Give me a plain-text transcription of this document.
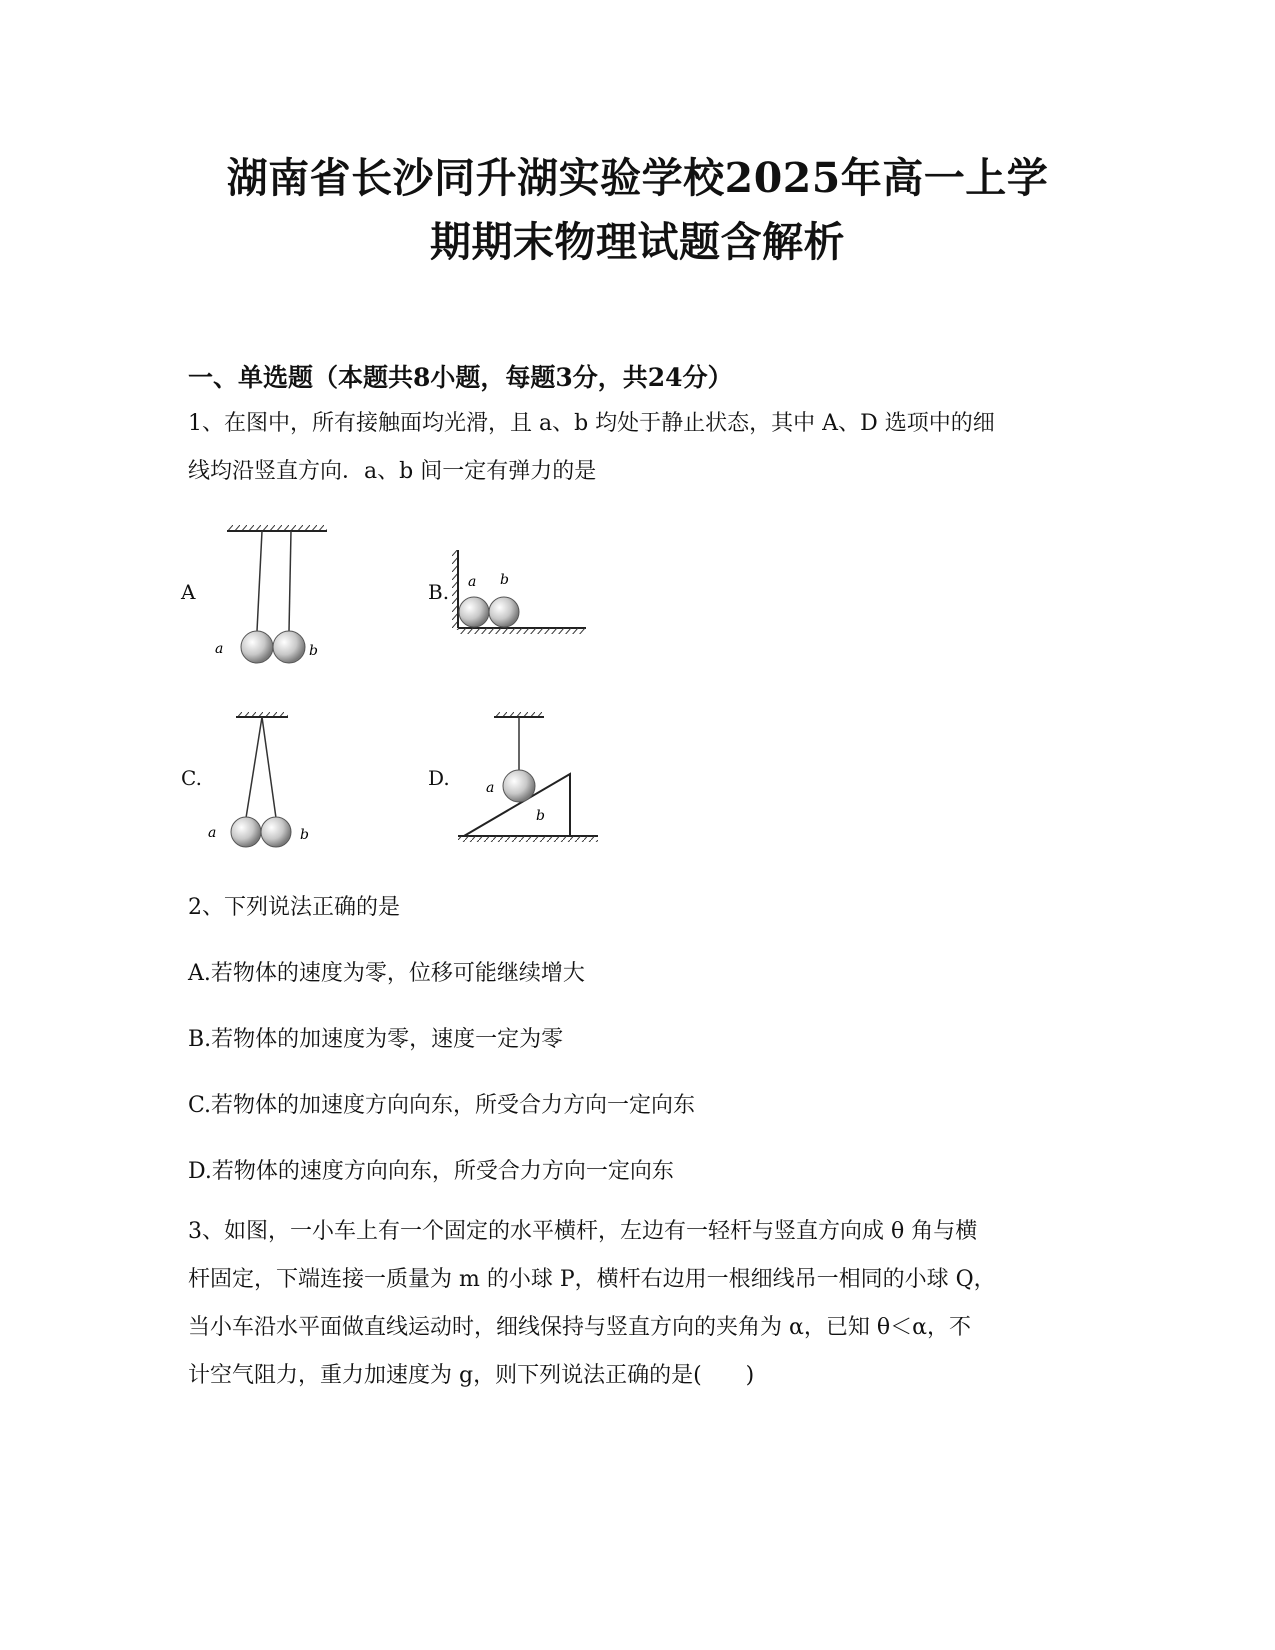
湖南省长沙同升湖实验学校2025年高一上学
期期末物理试题含解析
一、单选题（本题共8小题，每题3分，共24分）
1、在图中，所有接触面均光滑，且 a、b 均处于静止状态，其中 A、D 选项中的细
线均沿竖直方向．a、b 间一定有弹力的是
A	B.
C.	D.
a	b
a b
a	b
a
b
2、下列说法正确的是
A.若物体的速度为零，位移可能继续增大
B.若物体的加速度为零，速度一定为零
C.若物体的加速度方向向东，所受合力方向一定向东
D.若物体的速度方向向东，所受合力方向一定向东
3、如图，一小车上有一个固定的水平横杆，左边有一轻杆与竖直方向成 θ 角与横
杆固定，下端连接一质量为 m 的小球 P，横杆右边用一根细线吊一相同的小球 Q，
当小车沿水平面做直线运动时，细线保持与竖直方向的夹角为 α，已知 θ＜α，不
计空气阻力，重力加速度为 g，则下列说法正确的是(　　)
